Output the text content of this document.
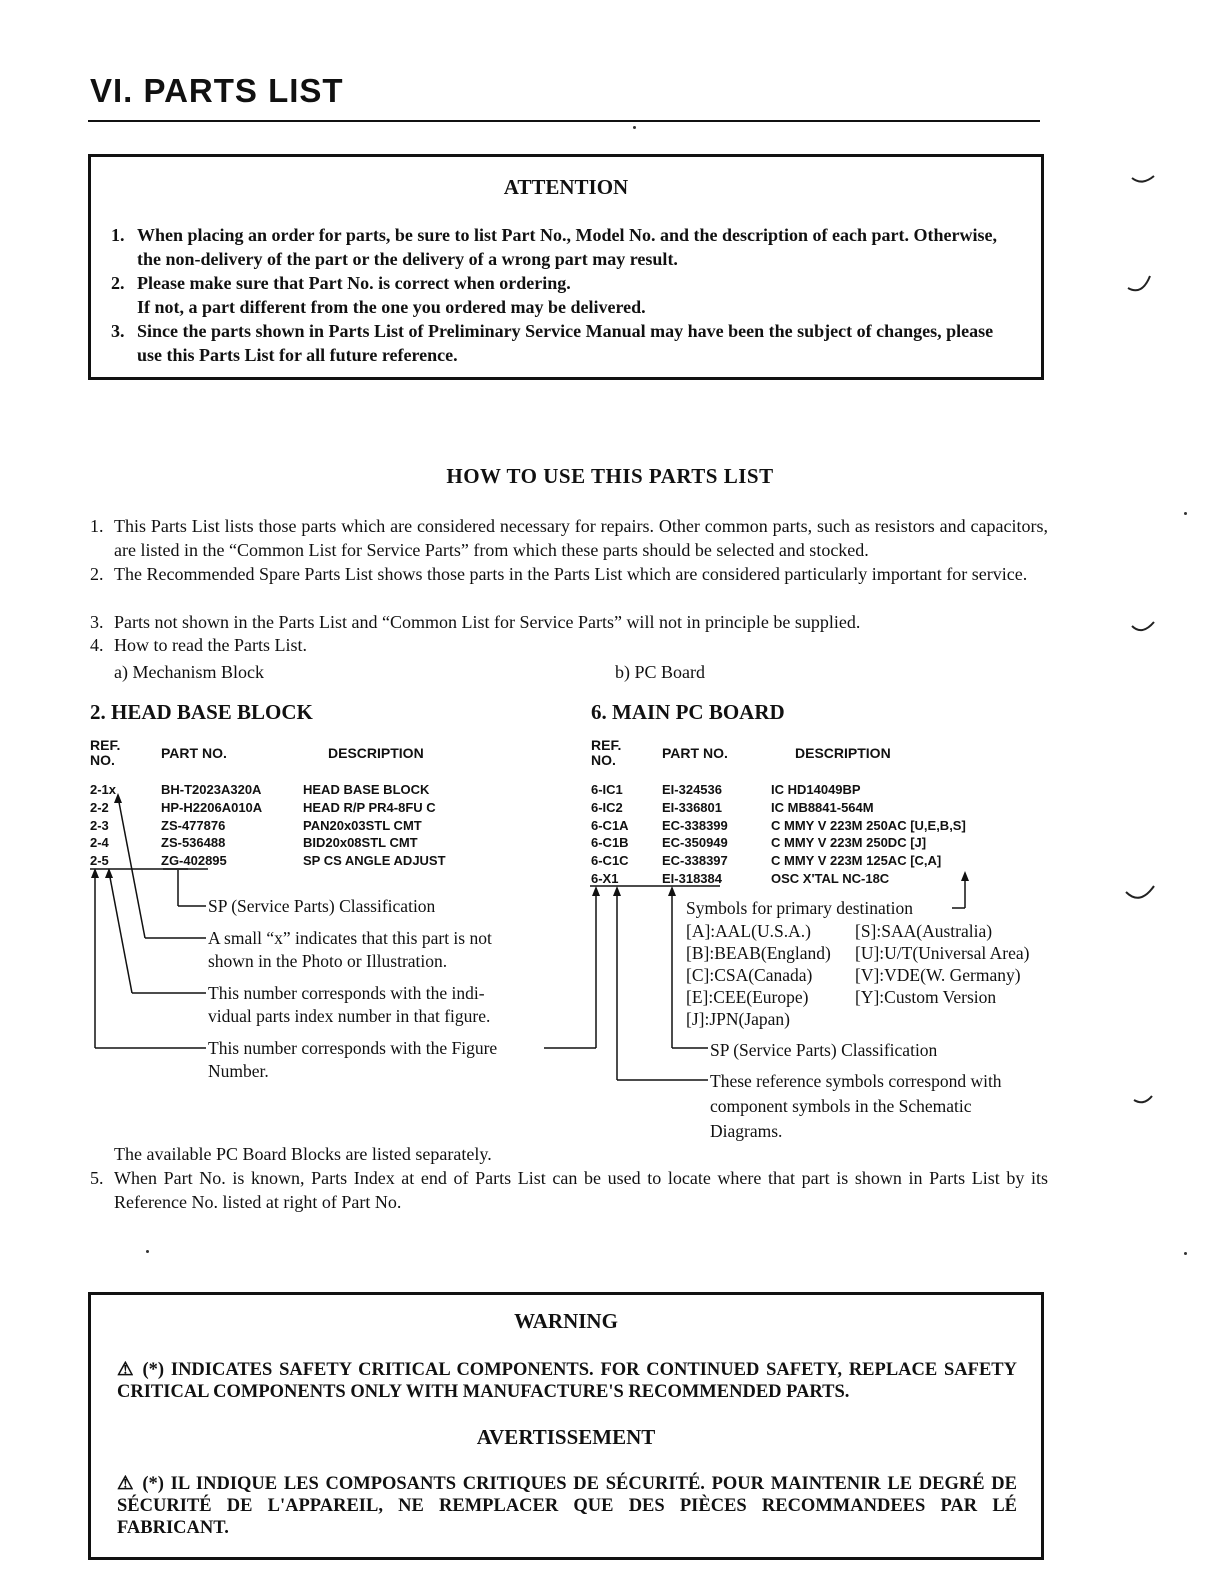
VI. PARTS LIST
ATTENTION
1. When placing an order for parts, be sure to list Part No., Model No. and the description of each part. Otherwise, the non-delivery of the part or the delivery of a wrong part may result.
2. Please make sure that Part No. is correct when ordering.
If not, a part different from the one you ordered may be delivered.
3. Since the parts shown in Parts List of Preliminary Service Manual may have been the subject of changes, please use this Parts List for all future reference.
HOW TO USE THIS PARTS LIST
1. This Parts List lists those parts which are considered necessary for repairs. Other common parts, such as resistors and capacitors, are listed in the “Common List for Service Parts” from which these parts should be selected and stocked.
2. The Recommended Spare Parts List shows those parts in the Parts List which are considered particularly important for service.
3. Parts not shown in the Parts List and “Common List for Service Parts” will not in principle be supplied.
4. How to read the Parts List.
a) Mechanism Block	b) PC Board
2. HEAD BASE BLOCK
REF.
NO.	PART NO.	DESCRIPTION
2-1x	BH-T2023A320A	HEAD BASE BLOCK
2-2	HP-H2206A010A	HEAD R/P PR4-8FU C
2-3	ZS-477876	PAN20x03STL CMT
2-4	ZS-536488	BID20x08STL CMT
2-5	ZG-402895	SP CS ANGLE ADJUST
SP (Service Parts) Classification
A small “x” indicates that this part is not
shown in the Photo or Illustration.
This number corresponds with the indi-
vidual parts index number in that figure.
This number corresponds with the Figure
Number.
6. MAIN PC BOARD
REF.
NO.	PART NO.	DESCRIPTION
6-IC1	EI-324536	IC HD14049BP
6-IC2	EI-336801	IC MB8841-564M
6-C1A	EC-338399	C MMY V 223M 250AC [U,E,B,S]
6-C1B	EC-350949	C MMY V 223M 250DC [J]
6-C1C	EC-338397	C MMY V 223M 125AC [C,A]
6-X1	EI-318384	OSC X'TAL NC-18C
Symbols for primary destination
[A]:AAL(U.S.A.)	[S]:SAA(Australia)
[B]:BEAB(England) [U]:U/T(Universal Area)
[C]:CSA(Canada) [V]:VDE(W. Germany)
[E]:CEE(Europe)	[Y]:Custom Version
[J]:JPN(Japan)
SP (Service Parts) Classification
These reference symbols correspond with
component symbols in the Schematic
Diagrams.
The available PC Board Blocks are listed separately.
5. When Part No. is known, Parts Index at end of Parts List can be used to locate where that part is shown in Parts List by its Reference No. listed at right of Part No.
WARNING
⚠ (*) INDICATES SAFETY CRITICAL COMPONENTS. FOR CONTINUED SAFETY, REPLACE SAFETY CRITICAL COMPONENTS ONLY WITH MANUFACTURE'S RECOMMENDED PARTS.
AVERTISSEMENT
⚠ (*) IL INDIQUE LES COMPOSANTS CRITIQUES DE SÉCURITÉ. POUR MAINTENIR LE DEGRÉ DE SÉCURITÉ DE L'APPAREIL, NE REMPLACER QUE DES PIÈCES RECOMMANDEES PAR LÉ FABRICANT.
